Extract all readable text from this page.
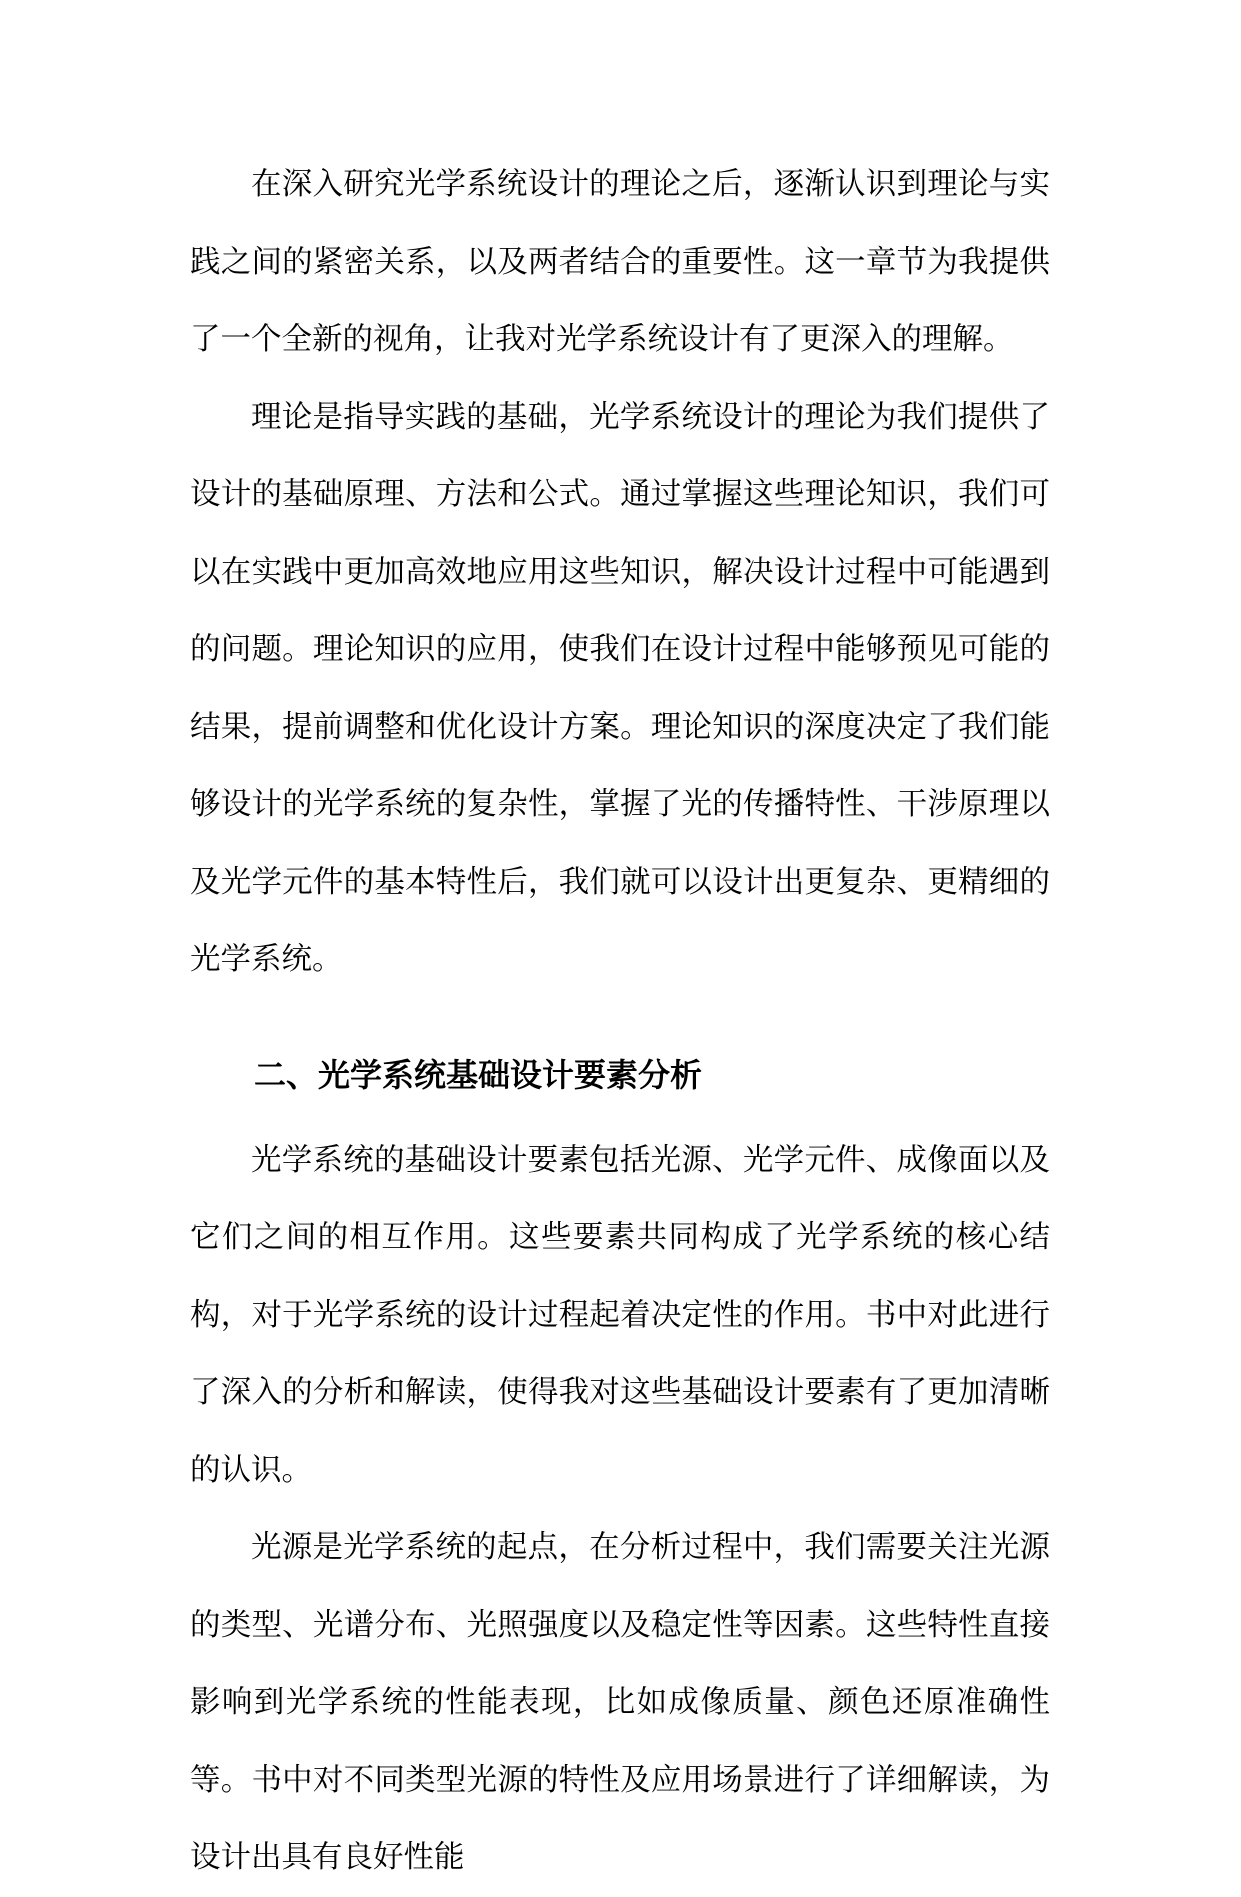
在深入研究光学系统设计的理论之后，逐渐认识到理论与实践之间的紧密关系，以及两者结合的重要性。这一章节为我提供了一个全新的视角，让我对光学系统设计有了更深入的理解。

理论是指导实践的基础，光学系统设计的理论为我们提供了设计的基础原理、方法和公式。通过掌握这些理论知识，我们可以在实践中更加高效地应用这些知识，解决设计过程中可能遇到的问题。理论知识的应用，使我们在设计过程中能够预见可能的结果，提前调整和优化设计方案。理论知识的深度决定了我们能够设计的光学系统的复杂性，掌握了光的传播特性、干涉原理以及光学元件的基本特性后，我们就可以设计出更复杂、更精细的光学系统。

二、光学系统基础设计要素分析

光学系统的基础设计要素包括光源、光学元件、成像面以及它们之间的相互作用。这些要素共同构成了光学系统的核心结构，对于光学系统的设计过程起着决定性的作用。书中对此进行了深入的分析和解读，使得我对这些基础设计要素有了更加清晰的认识。

光源是光学系统的起点，在分析过程中，我们需要关注光源的类型、光谱分布、光照强度以及稳定性等因素。这些特性直接影响到光学系统的性能表现，比如成像质量、颜色还原准确性等。书中对不同类型光源的特性及应用场景进行了详细解读，为设计出具有良好性能
